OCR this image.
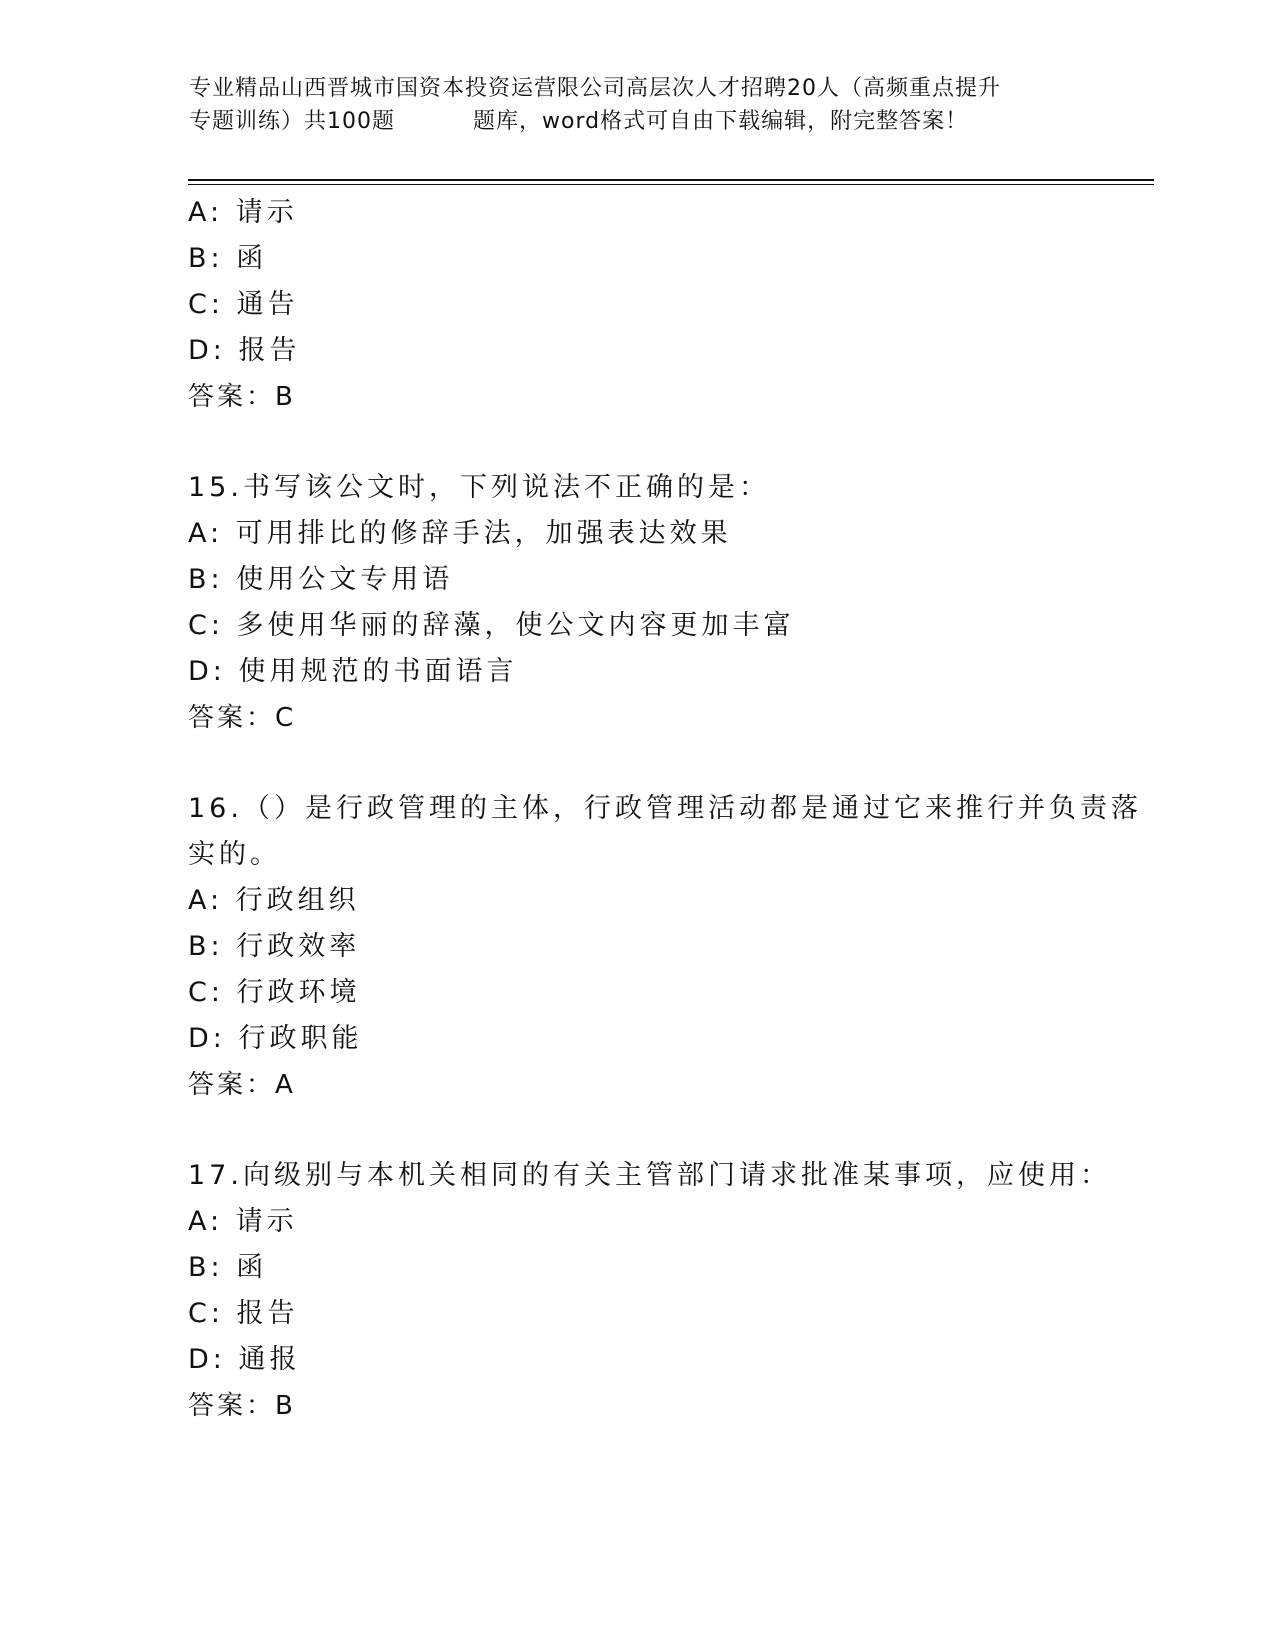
专业精品山西晋城市国资本投资运营限公司高层次人才招聘20人（高频重点提升
专题训练）共100题	题库，word格式可自由下载编辑，附完整答案！
A: 请示
B: 函
C: 通告
D: 报告
答案：B
15.书写该公文时，下列说法不正确的是：
A: 可用排比的修辞手法，加强表达效果
B: 使用公文专用语
C: 多使用华丽的辞藻，使公文内容更加丰富
D: 使用规范的书面语言
答案：C
16.（）是行政管理的主体，行政管理活动都是通过它来推行并负责落
实的。
A: 行政组织
B: 行政效率
C: 行政环境
D: 行政职能
答案：A
17.向级别与本机关相同的有关主管部门请求批准某事项，应使用：
A: 请示
B: 函
C: 报告
D: 通报
答案：B
